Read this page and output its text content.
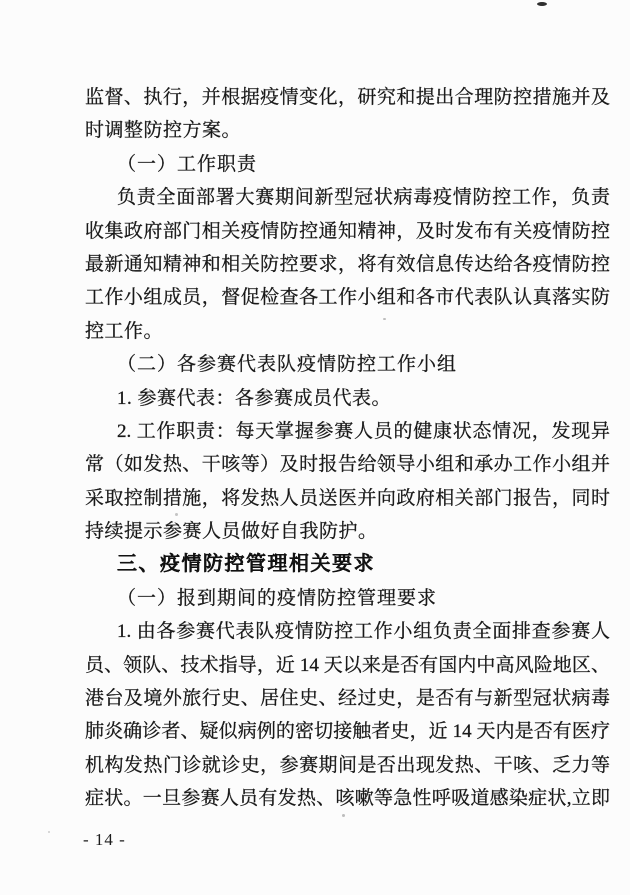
监督、执行，并根据疫情变化，研究和提出合理防控措施并及
时调整防控方案。
（一）工作职责
负责全面部署大赛期间新型冠状病毒疫情防控工作，负责
收集政府部门相关疫情防控通知精神，及时发布有关疫情防控
最新通知精神和相关防控要求，将有效信息传达给各疫情防控
工作小组成员，督促检查各工作小组和各市代表队认真落实防
控工作。
（二）各参赛代表队疫情防控工作小组
1. 参赛代表：各参赛成员代表。
2. 工作职责：每天掌握参赛人员的健康状态情况，发现异
常（如发热、干咳等）及时报告给领导小组和承办工作小组并
采取控制措施，将发热人员送医并向政府相关部门报告，同时
持续提示参赛人员做好自我防护。
三、疫情防控管理相关要求
（一）报到期间的疫情防控管理要求
1. 由各参赛代表队疫情防控工作小组负责全面排查参赛人
员、领队、技术指导，近 14 天以来是否有国内中高风险地区、
港台及境外旅行史、居住史、经过史，是否有与新型冠状病毒
肺炎确诊者、疑似病例的密切接触者史，近 14 天内是否有医疗
机构发热门诊就诊史，参赛期间是否出现发热、干咳、乏力等
症状。一旦参赛人员有发热、咳嗽等急性呼吸道感染症状,立即
- 14 -
